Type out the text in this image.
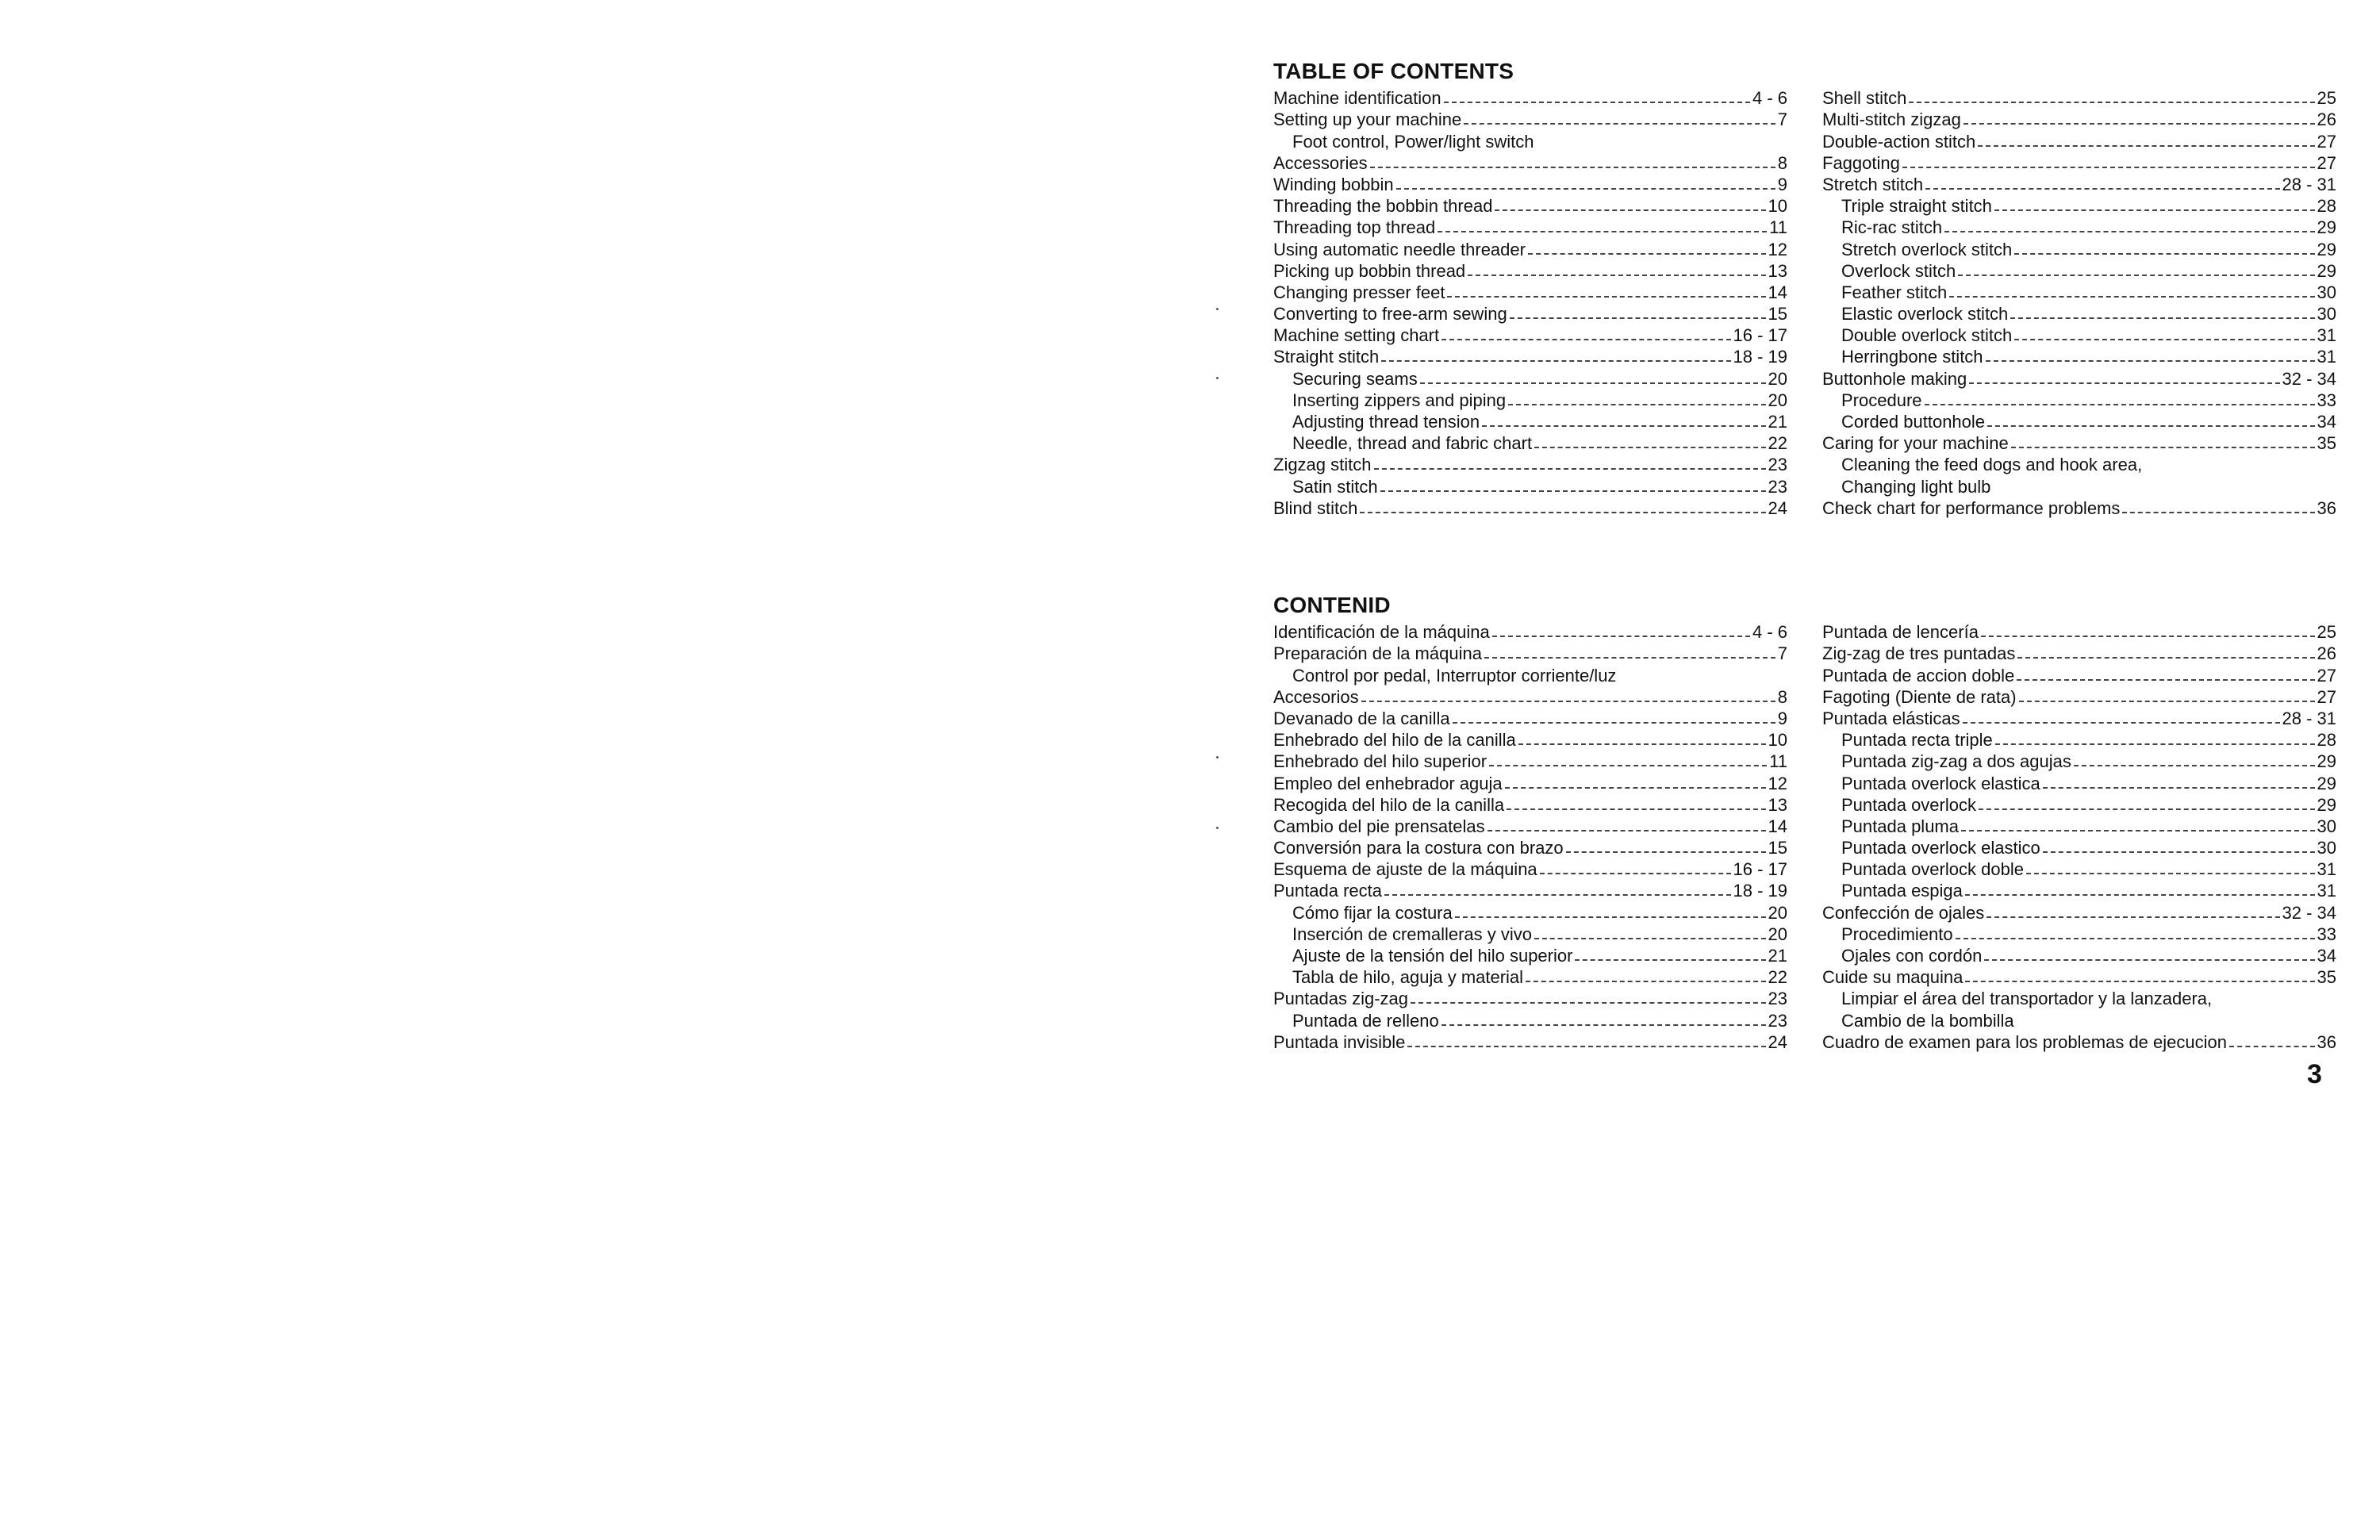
TABLE OF CONTENTS
Machine identification	4 - 6
Setting up your machine	7
Foot control, Power/light switch
Accessories	8
Winding bobbin	9
Threading the bobbin thread	10
Threading top thread	11
Using automatic needle threader	12
Picking up bobbin thread	13
Changing presser feet	14
Converting to free-arm sewing	15
Machine setting chart	16 - 17
Straight stitch	18 - 19
Securing seams	20
Inserting zippers and piping	20
Adjusting thread tension	21
Needle, thread and fabric chart	22
Zigzag stitch	23
Satin stitch	23
Blind stitch	24
Shell stitch	25
Multi-stitch zigzag	26
Double-action stitch	27
Faggoting	27
Stretch stitch	28 - 31
Triple straight stitch	28
Ric-rac stitch	29
Stretch overlock stitch	29
Overlock stitch	29
Feather stitch	30
Elastic overlock stitch	30
Double overlock stitch	31
Herringbone stitch	31
Buttonhole making	32 - 34
Procedure	33
Corded buttonhole	34
Caring for your machine	35
Cleaning the feed dogs and hook area,
Changing light bulb
Check chart for performance problems	36
CONTENID
Identificación de la máquina	4 - 6
Preparación de la máquina	7
Control por pedal, Interruptor corriente/luz
Accesorios	8
Devanado de la canilla	9
Enhebrado del hilo de la canilla	10
Enhebrado del hilo superior	11
Empleo del enhebrador aguja	12
Recogida del hilo de la canilla	13
Cambio del pie prensatelas	14
Conversión para la costura con brazo	15
Esquema de ajuste de la máquina	16 - 17
Puntada recta	18 - 19
Cómo fijar la costura	20
Inserción de cremalleras y vivo	20
Ajuste de la tensión del hilo superior	21
Tabla de hilo, aguja y material	22
Puntadas zig-zag	23
Puntada de relleno	23
Puntada invisible	24
Puntada de lencería	25
Zig-zag de tres puntadas	26
Puntada de accion doble	27
Fagoting (Diente de rata)	27
Puntada elásticas	28 - 31
Puntada recta triple	28
Puntada zig-zag a dos agujas	29
Puntada overlock elastica	29
Puntada overlock	29
Puntada pluma	30
Puntada overlock elastico	30
Puntada overlock doble	31
Puntada espiga	31
Confección de ojales	32 - 34
Procedimiento	33
Ojales con cordón	34
Cuide su maquina	35
Limpiar el área del transportador y la lanzadera,
Cambio de la bombilla
Cuadro de examen para los problemas de ejecucion	36
3
